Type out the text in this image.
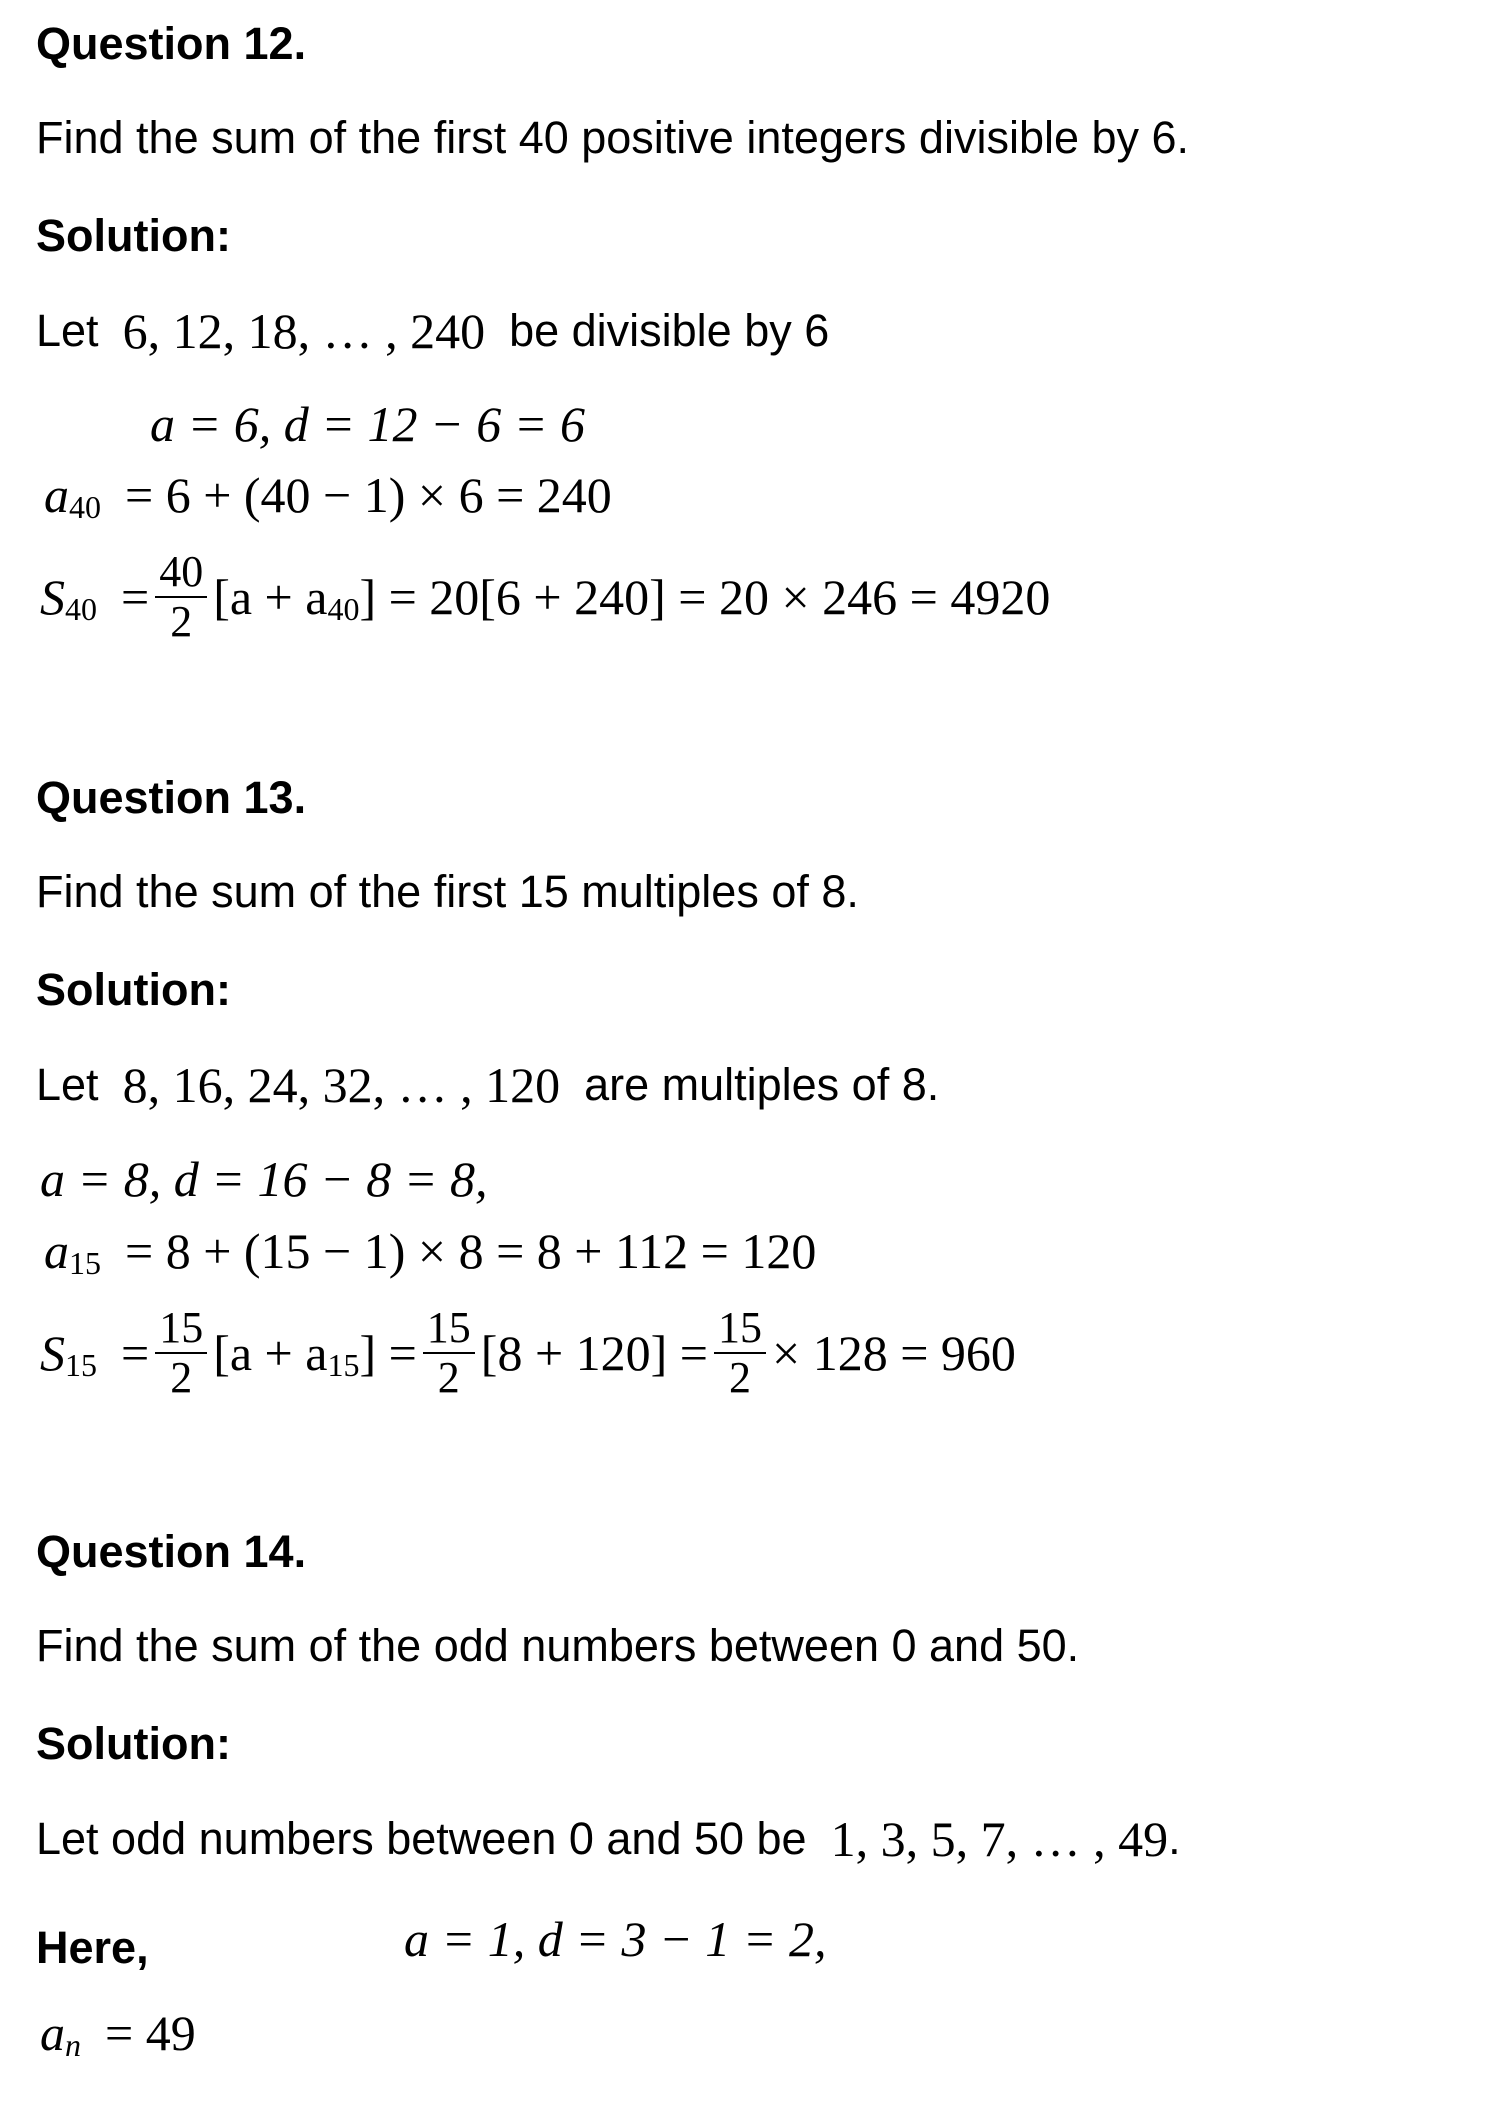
Question 12.
Find the sum of the first 40 positive integers divisible by 6.
Solution:
Let 6, 12, 18, … , 240 be divisible by 6
a = 6, d = 12 − 6 = 6
a 40 = 6 + (40 − 1) × 6 = 240
S $40 = \frac{40}{2} [a + a$ 40 ] = 20[6 + 240] = 20 × 246 = 4920
Question 13.
Find the sum of the first 15 multiples of 8.
Solution:
Let 8, 16, 24, 32, … , 120 are multiples of 8.
a = 8, d = 16 − 8 = 8,
a 15 = 8 + (15 − 1) × 8 = 8 + 112 = 120
S $15 = \frac{15}{2} [a + a$ 15 ] = $\frac{15}{2} [8 + 120] = \frac{15}{2} \times 128 = 960$
Question 14.
Find the sum of the odd numbers between 0 and 50.
Solution:
Let odd numbers between 0 and 50 be 1, 3, 5, 7, … , 49 .
Here,	a = 1, d = 3 − 1 = 2,
a n = 49
